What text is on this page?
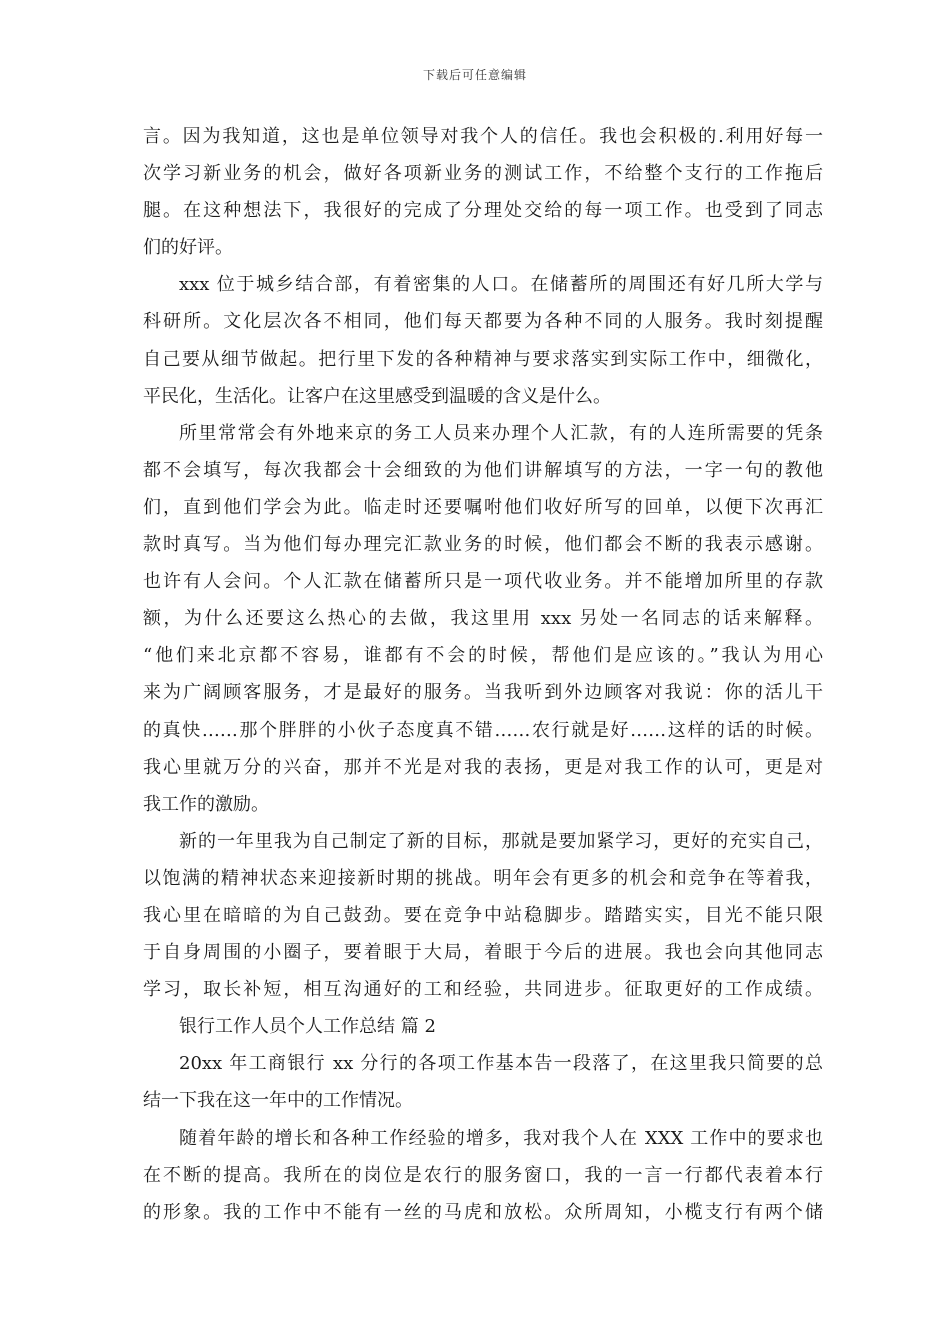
下载后可任意编辑
言。因为我知道，这也是单位领导对我个人的信任。我也会积极的.利用好每一
次学习新业务的机会，做好各项新业务的测试工作，不给整个支行的工作拖后
腿。在这种想法下，我很好的完成了分理处交给的每一项工作。也受到了同志
们的好评。
xxx 位于城乡结合部，有着密集的人口。在储蓄所的周围还有好几所大学与
科研所。文化层次各不相同，他们每天都要为各种不同的人服务。我时刻提醒
自己要从细节做起。把行里下发的各种精神与要求落实到实际工作中，细微化，
平民化，生活化。让客户在这里感受到温暖的含义是什么。
所里常常会有外地来京的务工人员来办理个人汇款，有的人连所需要的凭条
都不会填写，每次我都会十会细致的为他们讲解填写的方法，一字一句的教他
们，直到他们学会为此。临走时还要嘱咐他们收好所写的回单，以便下次再汇
款时真写。当为他们每办理完汇款业务的时候，他们都会不断的我表示感谢。
也许有人会问。个人汇款在储蓄所只是一项代收业务。并不能增加所里的存款
额，为什么还要这么热心的去做，我这里用 xxx 另处一名同志的话来解释。
“他们来北京都不容易，谁都有不会的时候，帮他们是应该的。”我认为用心
来为广阔顾客服务，才是最好的服务。当我听到外边顾客对我说：你的活儿干
的真快……那个胖胖的小伙子态度真不错……农行就是好……这样的话的时候。
我心里就万分的兴奋，那并不光是对我的表扬，更是对我工作的认可，更是对
我工作的激励。
新的一年里我为自己制定了新的目标，那就是要加紧学习，更好的充实自己，
以饱满的精神状态来迎接新时期的挑战。明年会有更多的机会和竞争在等着我，
我心里在暗暗的为自己鼓劲。要在竞争中站稳脚步。踏踏实实，目光不能只限
于自身周围的小圈子，要着眼于大局，着眼于今后的进展。我也会向其他同志
学习，取长补短，相互沟通好的工和经验，共同进步。征取更好的工作成绩。
银行工作人员个人工作总结 篇 2
20xx 年工商银行 xx 分行的各项工作基本告一段落了，在这里我只简要的总
结一下我在这一年中的工作情况。
随着年龄的增长和各种工作经验的增多，我对我个人在 XXX 工作中的要求也
在不断的提高。我所在的岗位是农行的服务窗口，我的一言一行都代表着本行
的形象。我的工作中不能有一丝的马虎和放松。众所周知，小榄支行有两个储
